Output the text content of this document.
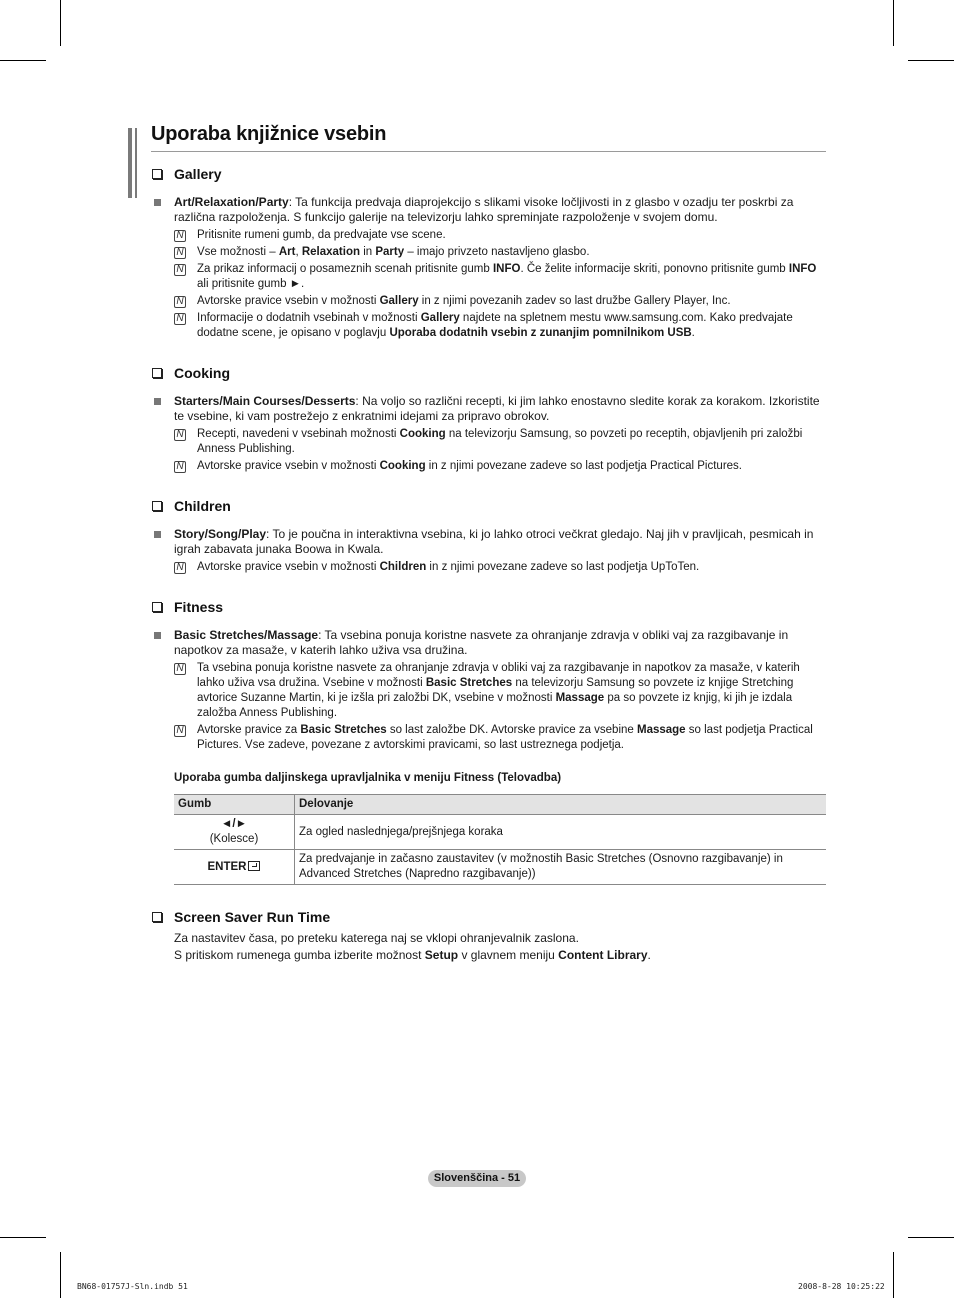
Uporaba knjižnice vsebin
Gallery
Art/Relaxation/Party: Ta funkcija predvaja diaprojekcijo s slikami visoke ločljivosti in z glasbo v ozadju ter poskrbi za različna razpoloženja. S funkcijo galerije na televizorju lahko spreminjate razpoloženje v svojem domu.
N
Pritisnite rumeni gumb, da predvajate vse scene.
N
Vse možnosti – Art, Relaxation in Party – imajo privzeto nastavljeno glasbo.
N
Za prikaz informacij o posameznih scenah pritisnite gumb INFO. Če želite informacije skriti, ponovno pritisnite gumb INFO ali pritisnite gumb ►.
N
Avtorske pravice vsebin v možnosti Gallery in z njimi povezanih zadev so last družbe Gallery Player, Inc.
N
Informacije o dodatnih vsebinah v možnosti Gallery najdete na spletnem mestu www.samsung.com. Kako predvajate dodatne scene, je opisano v poglavju Uporaba dodatnih vsebin z zunanjim pomnilnikom USB.
Cooking
Starters/Main Courses/Desserts: Na voljo so različni recepti, ki jim lahko enostavno sledite korak za korakom. Izkoristite te vsebine, ki vam postrežejo z enkratnimi idejami za pripravo obrokov.
N
Recepti, navedeni v vsebinah možnosti Cooking na televizorju Samsung, so povzeti po receptih, objavljenih pri založbi Anness Publishing.
N
Avtorske pravice vsebin v možnosti Cooking in z njimi povezane zadeve so last podjetja Practical Pictures.
Children
Story/Song/Play: To je poučna in interaktivna vsebina, ki jo lahko otroci večkrat gledajo. Naj jih v pravljicah, pesmicah in igrah zabavata junaka Boowa in Kwala.
N
Avtorske pravice vsebin v možnosti Children in z njimi povezane zadeve so last podjetja UpToTen.
Fitness
Basic Stretches/Massage: Ta vsebina ponuja koristne nasvete za ohranjanje zdravja v obliki vaj za razgibavanje in napotkov za masaže, v katerih lahko uživa vsa družina.
N
Ta vsebina ponuja koristne nasvete za ohranjanje zdravja v obliki vaj za razgibavanje in napotkov za masaže, v katerih lahko uživa vsa družina. Vsebine v možnosti Basic Stretches na televizorju Samsung so povzete iz knjige Stretching avtorice Suzanne Martin, ki je izšla pri založbi DK, vsebine v možnosti Massage pa so povzete iz knjig, ki jih je izdala založba Anness Publishing.
N
Avtorske pravice za Basic Stretches so last založbe DK. Avtorske pravice za vsebine Massage so last podjetja Practical Pictures. Vse zadeve, povezane z avtorskimi pravicami, so last ustreznega podjetja.
Uporaba gumba daljinskega upravljalnika v meniju Fitness (Telovadba)
Gumb	Delovanje

◄/►
(Kolesce)	Za ogled naslednjega/prejšnjega koraka
ENTER	Za predvajanje in začasno zaustavitev (v možnostih Basic Stretches (Osnovno razgibavanje) in Advanced Stretches (Napredno razgibavanje))
Screen Saver Run Time
Za nastavitev časa, po preteku katerega naj se vklopi ohranjevalnik zaslona.
S pritiskom rumenega gumba izberite možnost Setup v glavnem meniju Content Library.
Slovenščina - 51
BN68-01757J-Sln.indb 51	2008-8-28 10:25:22
